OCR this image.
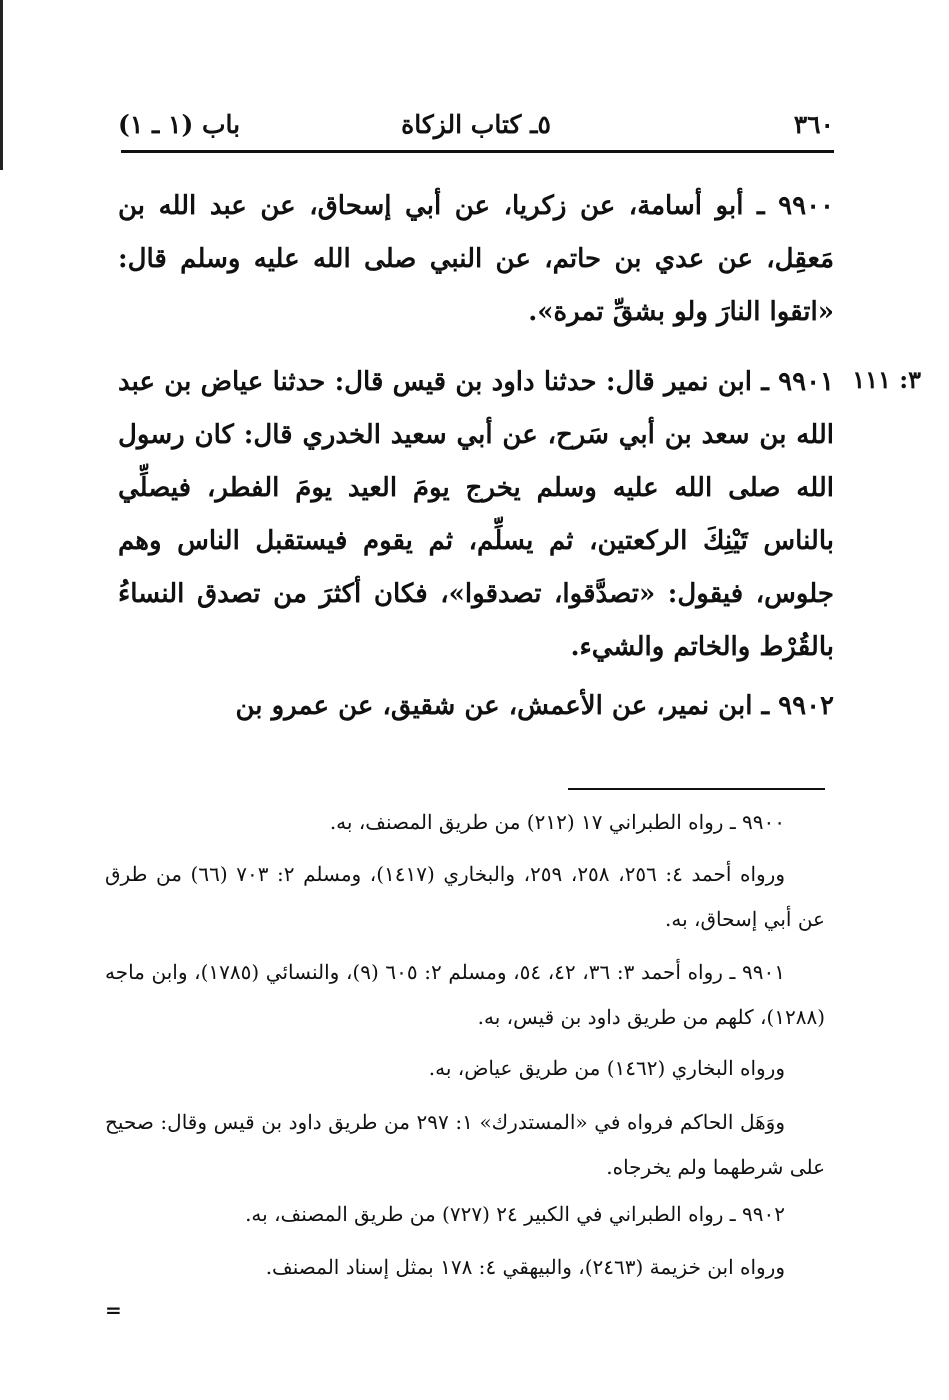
٣٦٠
٥ـ كتاب الزكاة
باب (١ ـ ١)

٩٩٠٠ ـ أبو أسامة، عن زكريا، عن أبي إسحاق، عن عبد الله بن مَعقِل، عن عدي بن حاتم، عن النبي صلى الله عليه وسلم قال: «اتقوا النارَ ولو بشقِّ تمرة».

٣: ١١١

٩٩٠١ ـ ابن نمير قال: حدثنا داود بن قيس قال: حدثنا عياض بن عبد الله بن سعد بن أبي سَرح، عن أبي سعيد الخدري قال: كان رسول الله صلى الله عليه وسلم يخرج يومَ العيد يومَ الفطر، فيصلِّي بالناس تَيْنِكَ الركعتين، ثم يسلِّم، ثم يقوم فيستقبل الناس وهم جلوس، فيقول: «تصدَّقوا، تصدقوا»، فكان أكثرَ من تصدق النساءُ بالقُرْط والخاتم والشيء.

٩٩٠٢ ـ ابن نمير، عن الأعمش، عن شقيق، عن عمرو بن

٩٩٠٠ ـ رواه الطبراني ١٧ (٢١٢) من طريق المصنف، به.

ورواه أحمد ٤: ٢٥٦، ٢٥٨، ٢٥٩، والبخاري (١٤١٧)، ومسلم ٢: ٧٠٣ (٦٦) من طرق عن أبي إسحاق، به.

٩٩٠١ ـ رواه أحمد ٣: ٣٦، ٤٢، ٥٤، ومسلم ٢: ٦٠٥ (٩)، والنسائي (١٧٨٥)، وابن ماجه (١٢٨٨)، كلهم من طريق داود بن قيس، به.

ورواه البخاري (١٤٦٢) من طريق عياض، به.

ووَهَل الحاكم فرواه في «المستدرك» ١: ٢٩٧ من طريق داود بن قيس وقال: صحيح على شرطهما ولم يخرجاه.

٩٩٠٢ ـ رواه الطبراني في الكبير ٢٤ (٧٢٧) من طريق المصنف، به.

ورواه ابن خزيمة (٢٤٦٣)، والبيهقي ٤: ١٧٨ بمثل إسناد المصنف.

=
